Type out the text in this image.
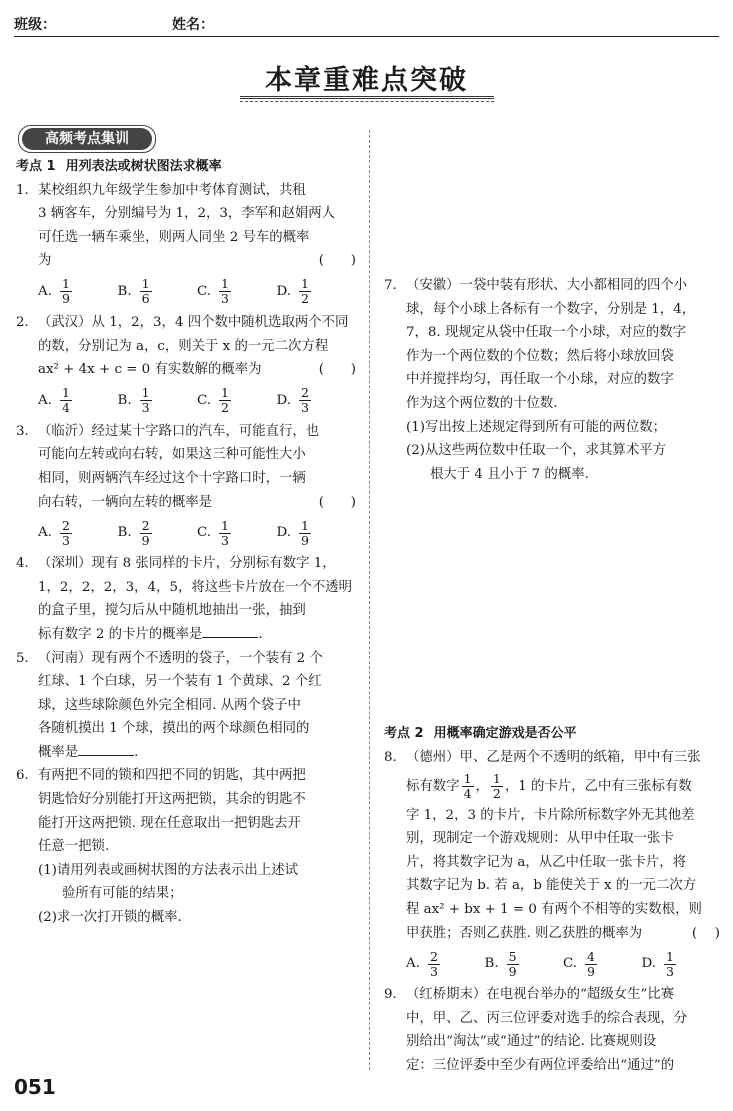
班级：	姓名：
本章重难点突破
高频考点集训
考点 1 用列表法或树状图法求概率
1. 某校组织九年级学生参加中考体育测试，共租
3 辆客车，分别编号为 1，2，3，李军和赵娟两人
可任选一辆车乘坐，则两人同坐 2 号车的概率
为	(　　)
A. $\frac{1}{9}$	B. $\frac{1}{6}$	C. $\frac{1}{3}$	D. $\frac{1}{2}$
2. （武汉）从 1，2，3，4 四个数中随机选取两个不同
的数，分别记为 a，c，则关于 x 的一元二次方程
ax² + 4x + c = 0 有实数解的概率为	(　　)
A. $\frac{1}{4}$	B. $\frac{1}{3}$	C. $\frac{1}{2}$	D. $\frac{2}{3}$
3. （临沂）经过某十字路口的汽车，可能直行，也
可能向左转或向右转，如果这三种可能性大小
相同，则两辆汽车经过这个十字路口时，一辆
向右转，一辆向左转的概率是	(　　)
A. $\frac{2}{3}$	B. $\frac{2}{9}$	C. $\frac{1}{3}$	D. $\frac{1}{9}$
4. （深圳）现有 8 张同样的卡片，分别标有数字 1，
1，2，2，2，3，4，5，将这些卡片放在一个不透明
的盒子里，搅匀后从中随机地抽出一张，抽到
标有数字 2 的卡片的概率是	.
5. （河南）现有两个不透明的袋子，一个装有 2 个
红球、1 个白球，另一个装有 1 个黄球、2 个红
球，这些球除颜色外完全相同. 从两个袋子中
各随机摸出 1 个球，摸出的两个球颜色相同的
概率是	.
6. 有两把不同的锁和四把不同的钥匙，其中两把
钥匙恰好分别能打开这两把锁，其余的钥匙不
能打开这两把锁. 现在任意取出一把钥匙去开
任意一把锁.
(1)请用列表或画树状图的方法表示出上述试
验所有可能的结果；
(2)求一次打开锁的概率.
7. （安徽）一袋中装有形状、大小都相同的四个小
球，每个小球上各标有一个数字，分别是 1，4，
7，8. 现规定从袋中任取一个小球，对应的数字
作为一个两位数的个位数；然后将小球放回袋
中并搅拌均匀，再任取一个小球，对应的数字
作为这个两位数的十位数.
(1)写出按上述规定得到所有可能的两位数；
(2)从这些两位数中任取一个，求其算术平方
根大于 4 且小于 7 的概率.
考点 2 用概率确定游戏是否公平
8. （德州）甲、乙是两个不透明的纸箱，甲中有三张
标有数字 $\frac{1}{4}$ ， $\frac{1}{2}$ ，1 的卡片，乙中有三张标有数
字 1，2，3 的卡片，卡片除所标数字外无其他差
别，现制定一个游戏规则：从甲中任取一张卡
片，将其数字记为 a，从乙中任取一张卡片，将
其数字记为 b. 若 a，b 能使关于 x 的一元二次方
程 ax² + bx + 1 = 0 有两个不相等的实数根，则
甲获胜；否则乙获胜. 则乙获胜的概率为	(　 )
A. $\frac{2}{3}$	B. $\frac{5}{9}$	C. $\frac{4}{9}$	D. $\frac{1}{3}$
9. （红桥期末）在电视台举办的“超级女生”比赛
中，甲、乙、丙三位评委对选手的综合表现，分
别给出“淘汰”或“通过”的结论. 比赛规则设
定：三位评委中至少有两位评委给出“通过”的
051
